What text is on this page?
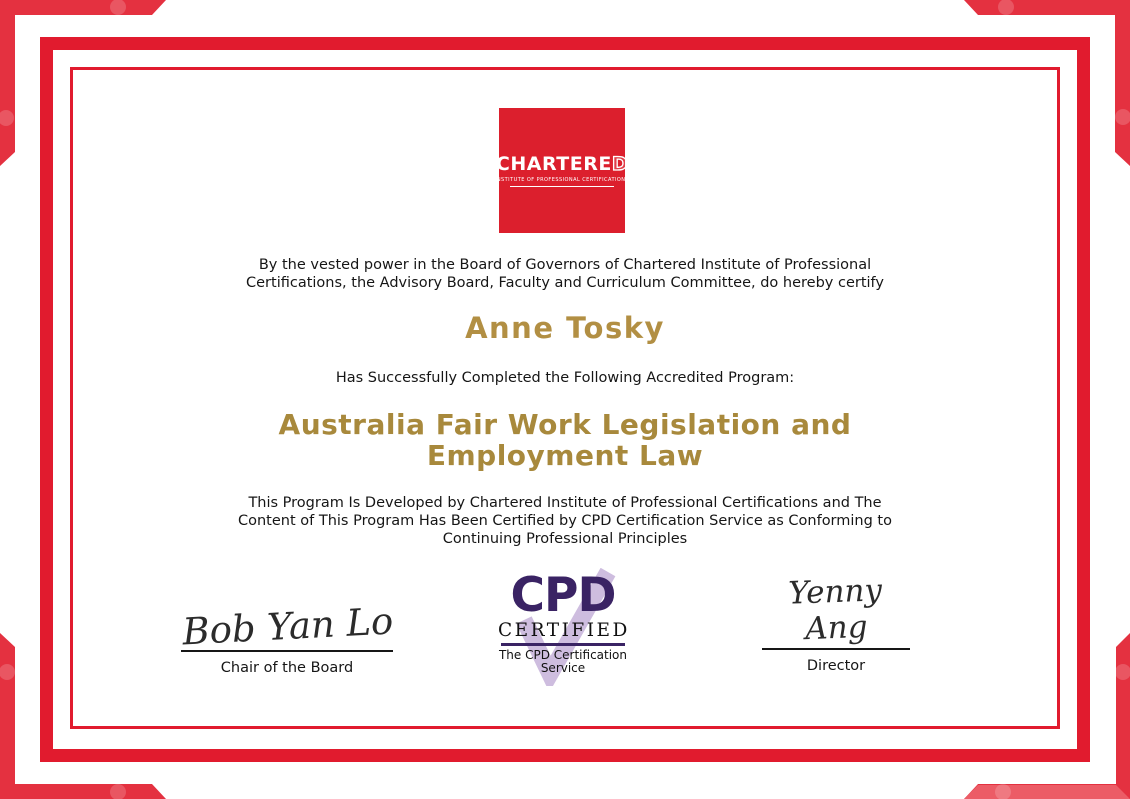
CHARTER E D
INSTITUTE OF PROFESSIONAL CERTIFICATIONS
By the vested power in the Board of Governors of Chartered Institute of Professional
Certifications, the Advisory Board, Faculty and Curriculum Committee, do hereby certify
Anne Tosky
Has Successfully Completed the Following Accredited Program:
Australia Fair Work Legislation and
Employment Law
This Program Is Developed by Chartered Institute of Professional Certifications and The
Content of This Program Has Been Certified by CPD Certification Service as Conforming to
Continuing Professional Principles
Bob Yan Lo
Chair of the Board
CPD
CERTIFIED
The CPD Certification
Service
Yenny Ang
Director
